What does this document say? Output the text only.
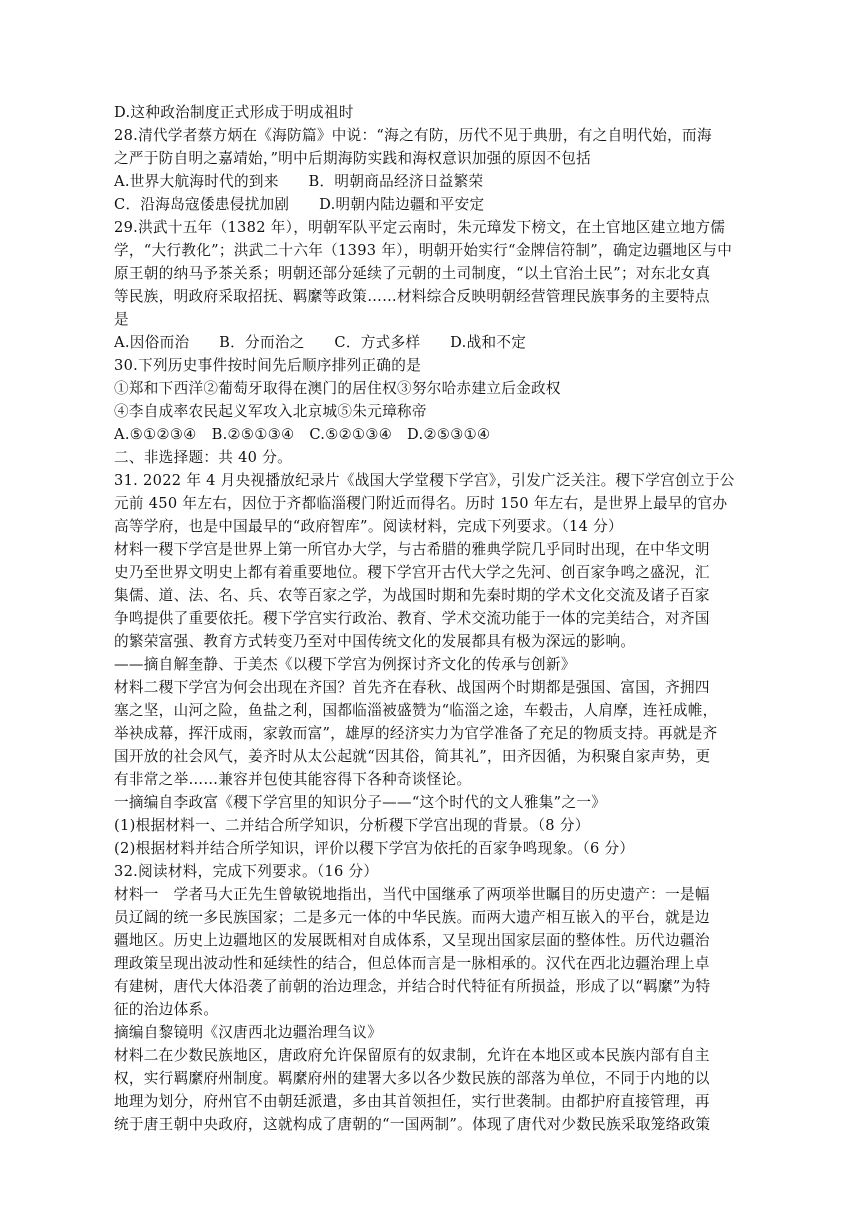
D.这种政治制度正式形成于明成祖时
28.清代学者蔡方炳在《海防篇》中说：“海之有防，历代不见于典册，有之自明代始，而海
之严于防自明之嘉靖始，”明中后期海防实践和海权意识加强的原因不包括
A.世界大航海时代的到来　　B．明朝商品经济日益繁荣
C．沿海岛寇倭患侵扰加剧　　D.明朝内陆边疆和平安定
29.洪武十五年（1382 年），明朝军队平定云南时，朱元璋发下榜文，在土官地区建立地方儒
学，“大行教化”；洪武二十六年（1393 年），明朝开始实行“金牌信符制”，确定边疆地区与中
原王朝的纳马予茶关系；明朝还部分延续了元朝的土司制度，“以土官治土民”；对东北女真
等民族，明政府采取招抚、羁縻等政策……材料综合反映明朝经营管理民族事务的主要特点
是
A.因俗而治　　B．分而治之　　C．方式多样　　D.战和不定
30.下列历史事件按时间先后顺序排列正确的是
①郑和下西洋②葡萄牙取得在澳门的居住权③努尔哈赤建立后金政权
④李自成率农民起义军攻入北京城⑤朱元璋称帝
A.⑤①②③④　B.②⑤①③④　C.⑤②①③④　D.②⑤③①④
二、非选择题：共 40 分。
31. 2022 年 4 月央视播放纪录片《战国大学堂稷下学宫》，引发广泛关注。稷下学宫创立于公
元前 450 年左右，因位于齐都临淄稷门附近而得名。历时 150 年左右，是世界上最早的官办
高等学府，也是中国最早的“政府智库”。阅读材料，完成下列要求。（14 分）
材料一稷下学宫是世界上第一所官办大学，与古希腊的雅典学院几乎同时出现，在中华文明
史乃至世界文明史上都有着重要地位。稷下学宫开古代大学之先河、创百家争鸣之盛況，汇
集儒、道、法、名、兵、农等百家之学，为战国时期和先秦时期的学术文化交流及诸子百家
争鸣提供了重要依托。稷下学宫实行政治、教育、学术交流功能于一体的完美结合，对齐国
的繁荣富强、教育方式转变乃至对中国传统文化的发展都具有极为深远的影响。
——摘自解奎静、于美杰《以稷下学宫为例探讨齐文化的传承与创新》
材料二稷下学宫为何会出现在齐国？首先齐在春秋、战国两个时期都是强国、富国，齐拥四
塞之坚，山河之险，鱼盐之利，国都临淄被盛赞为“临淄之途，车毂击，人肩摩，连衽成帷，
举袂成幕，挥汗成雨，家敦而富”，雄厚的经济实力为官学准备了充足的物质支持。再就是齐
国开放的社会风气，姜齐时从太公起就“因其俗，简其礼”，田齐因循，为积聚自家声势，更
有非常之举……兼容并包使其能容得下各种奇谈怪论。
一摘编自李政富《稷下学宫里的知识分子——“这个时代的文人雅集”之一》
(1)根据材料一、二并结合所学知识，分析稷下学宫出现的背景。（8 分）
(2)根据材料并结合所学知识，评价以稷下学宫为依托的百家争鸣现象。（6 分）
32.阅读材料，完成下列要求。（16 分）
材料一　学者马大正先生曾敏锐地指出，当代中国继承了两项举世瞩目的历史遗产：一是幅
员辽阔的统一多民族国家；二是多元一体的中华民族。而两大遗产相互嵌入的平台，就是边
疆地区。历史上边疆地区的发展既相对自成体系，又呈现出国家层面的整体性。历代边疆治
理政策呈现出波动性和延续性的结合，但总体而言是一脉相承的。汉代在西北边疆治理上卓
有建树，唐代大体沿袭了前朝的治边理念，并结合时代特征有所损益，形成了以“羁縻”为特
征的治边体系。
摘编自黎镜明《汉唐西北边疆治理刍议》
材料二在少数民族地区，唐政府允许保留原有的奴隶制，允许在本地区或本民族内部有自主
权，实行羁縻府州制度。羁縻府州的建署大多以各少数民族的部落为单位，不同于内地的以
地理为划分，府州官不由朝廷派遣，多由其首领担任，实行世袭制。由都护府直接管理，再
统于唐王朝中央政府，这就构成了唐朝的“一国两制”。体现了唐代对少数民族采取笼络政策
